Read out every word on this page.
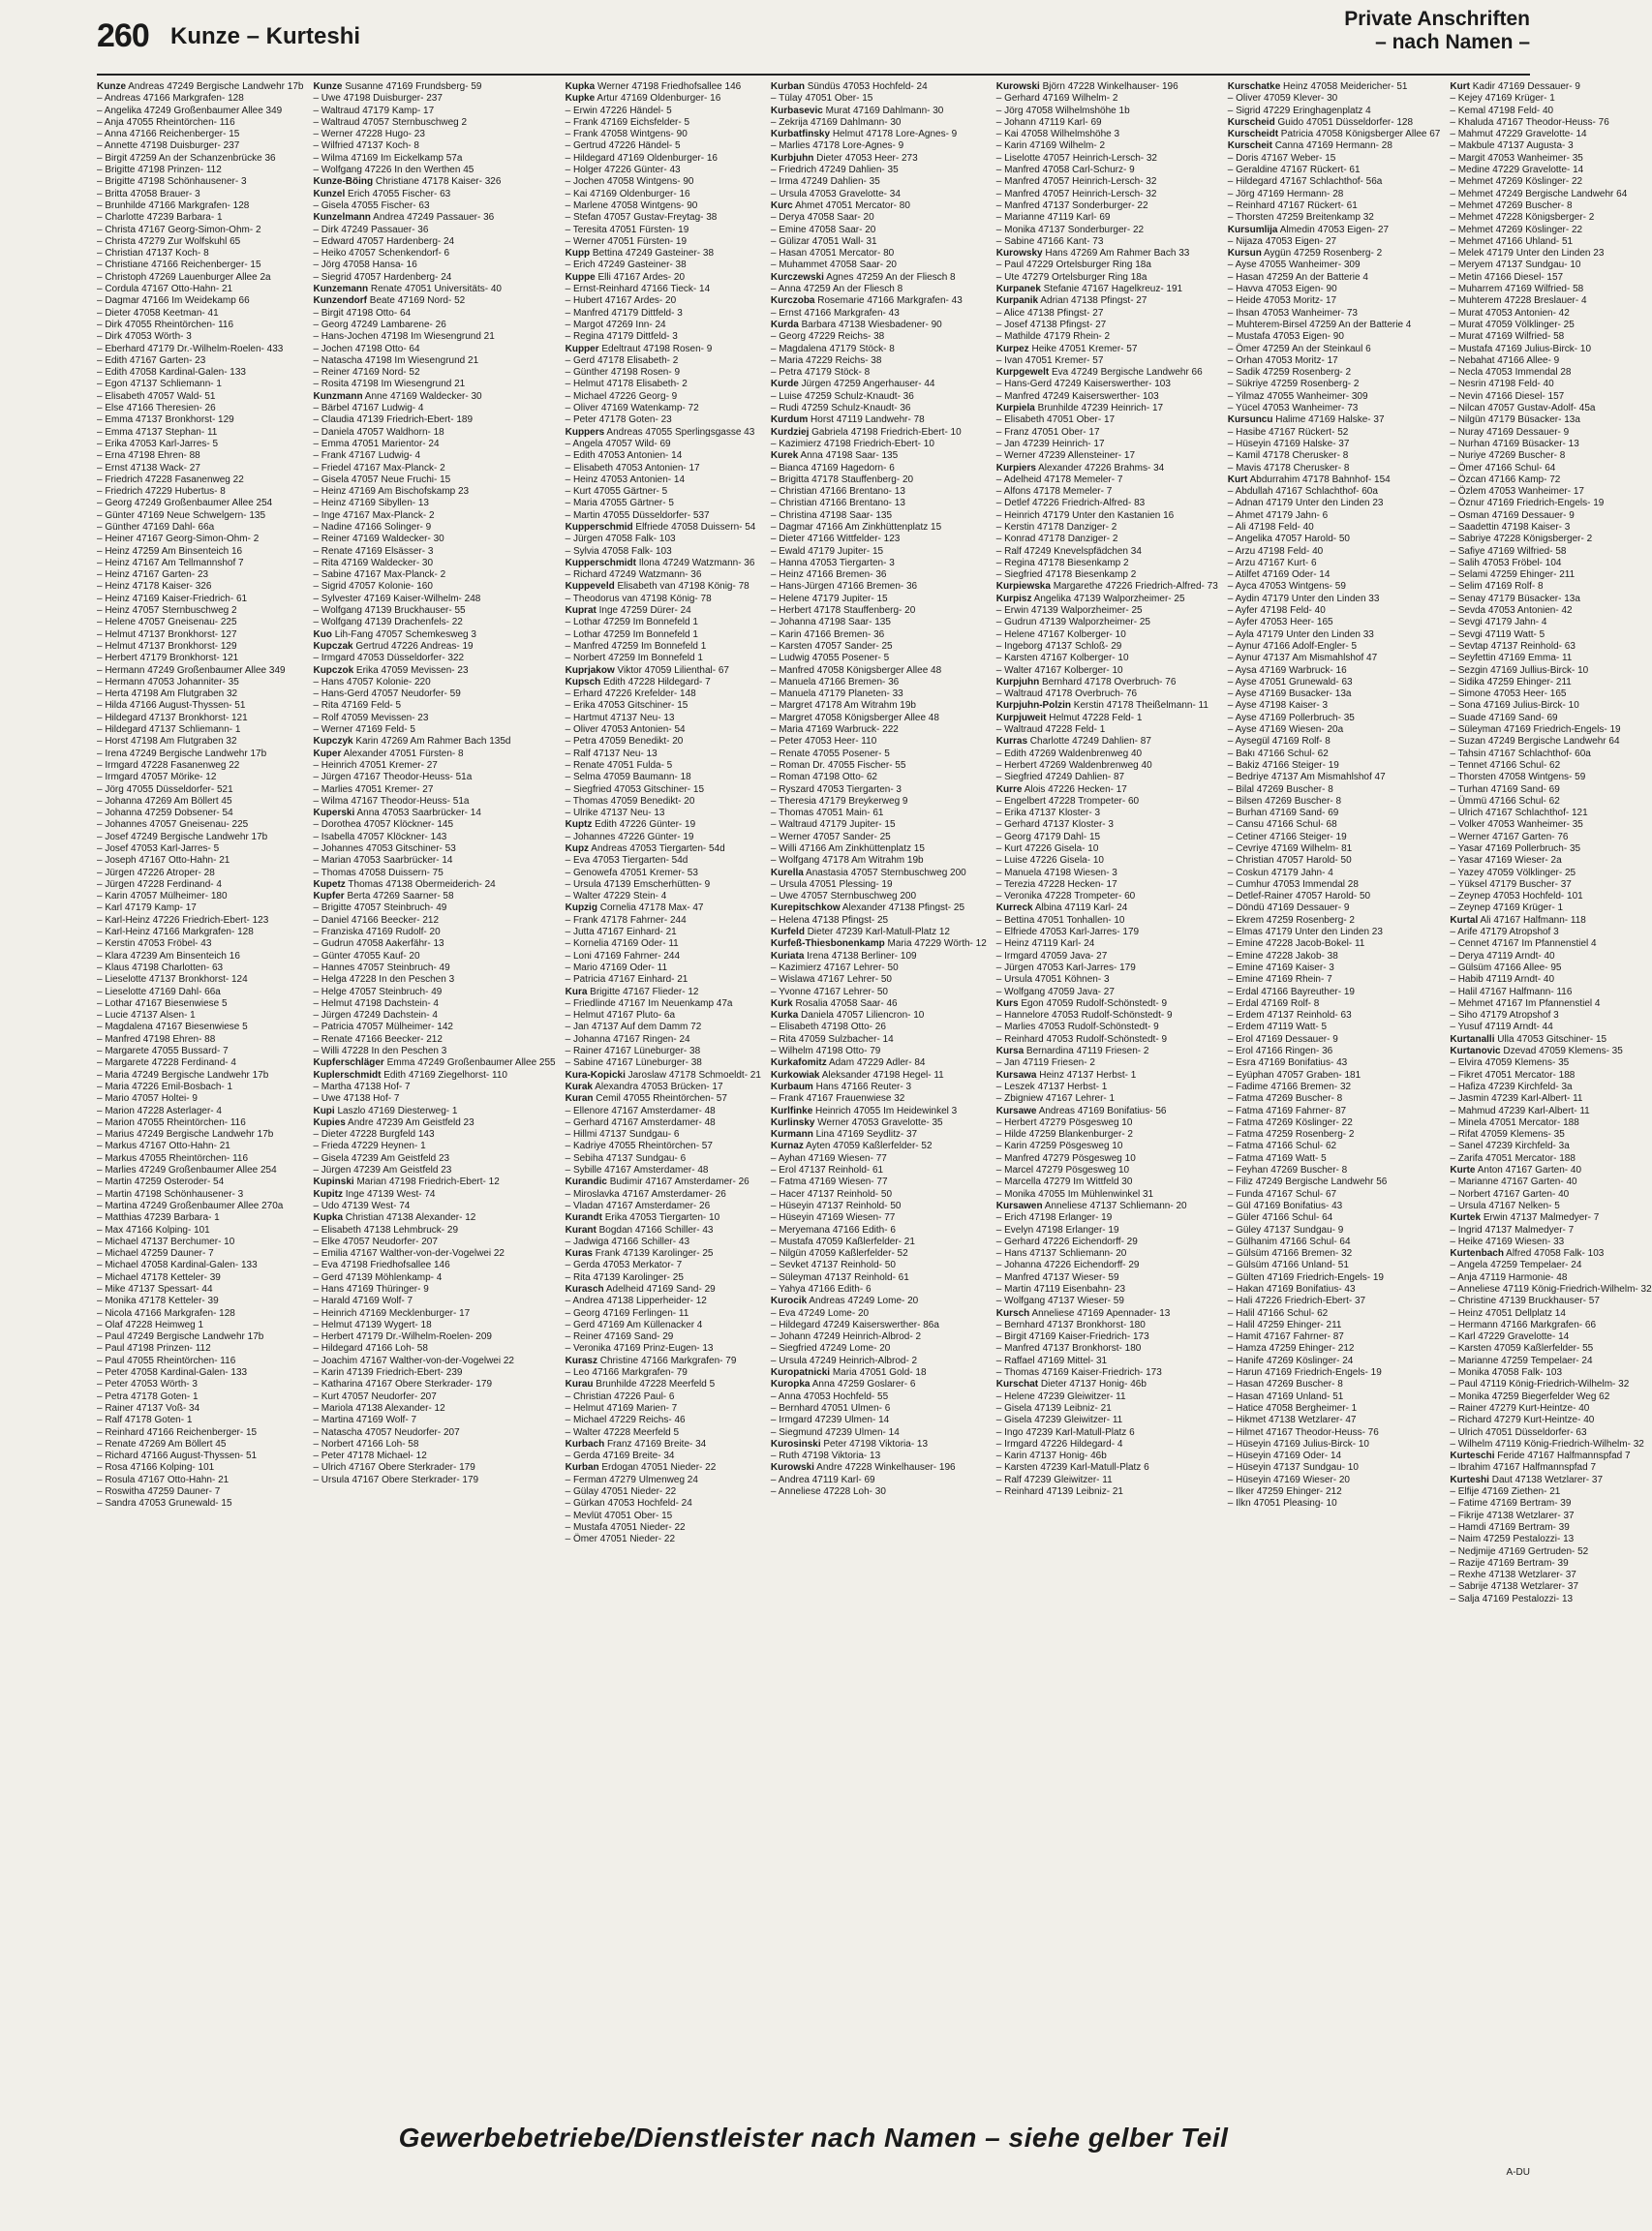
260 Kunze – Kurteshi
Private Anschriften
– nach Namen –
Kunze Andreas 47249 Bergische Landwehr 17b
– Andreas 47166 Markgrafen- 128
– Angelika 47249 Großenbaumer Allee 349
– Anja 47055 Rheintörchen- 116
– Anna 47166 Reichenberger- 15
– Annette 47198 Duisburger- 237
– Birgit 47259 An der Schanzenbrücke 36
– Brigitte 47198 Prinzen- 112
– Brigitte 47198 Schönhausener- 3
– Britta 47058 Brauer- 3
– Brunhilde 47166 Markgrafen- 128
– Charlotte 47239 Barbara- 1
– Christa 47167 Georg-Simon-Ohm- 2
– Christa 47279 Zur Wolfskuhl 65
– Christian 47137 Koch- 8
– Christiane 47166 Reichenberger- 15
– Christoph 47269 Lauenburger Allee 2a
– Cordula 47167 Otto-Hahn- 21
– Dagmar 47166 Im Weidekamp 66
– Dieter 47058 Keetman- 41
– Dirk 47055 Rheintörchen- 116
– Dirk 47053 Wörth- 3
– Eberhard 47179 Dr.-Wilhelm-Roelen- 433
– Edith 47167 Garten- 23
– Edith 47058 Kardinal-Galen- 133
– Egon 47137 Schliemann- 1
– Elisabeth 47057 Wald- 51
– Else 47166 Theresien- 26
– Emma 47137 Bronkhorst- 129
– Emma 47137 Stephan- 11
– Erika 47053 Karl-Jarres- 5
– Erna 47198 Ehren- 88
– Ernst 47138 Wack- 27
– Friedrich 47228 Fasanenweg 22
– Friedrich 47229 Hubertus- 8
– Georg 47249 Großenbaumer Allee 254
– Günter 47169 Neue Schwelgern- 135
– Günther 47169 Dahl- 66a
– Heiner 47167 Georg-Simon-Ohm- 2
– Heinz 47259 Am Binsenteich 16
– Heinz 47167 Am Tellmannshof 7
– Heinz 47167 Garten- 23
– Heinz 47178 Kaiser- 326
– Heinz 47169 Kaiser-Friedrich- 61
– Heinz 47057 Sternbuschweg 2
– Helene 47057 Gneisenau- 225
– Helmut 47137 Bronkhorst- 127
– Helmut 47137 Bronkhorst- 129
– Herbert 47179 Bronkhorst- 121
– Hermann 47249 Großenbaumer Allee 349
– Hermann 47053 Johanniter- 35
– Herta 47198 Am Flutgraben 32
– Hilda 47166 August-Thyssen- 51
– Hildegard 47137 Bronkhorst- 121
– Hildegard 47137 Schliemann- 1
– Horst 47198 Am Flutgraben 32
– Irena 47249 Bergische Landwehr 17b
– Irmgard 47228 Fasanenweg 22
– Irmgard 47057 Mörike- 12
– Jörg 47055 Düsseldorfer- 521
– Johanna 47269 Am Böllert 45
– Johanna 47259 Dobsener- 54
– Johannes 47057 Gneisenau- 225
– Josef 47249 Bergische Landwehr 17b
– Josef 47053 Karl-Jarres- 5
– Joseph 47167 Otto-Hahn- 21
– Jürgen 47226 Atroper- 28
– Jürgen 47228 Ferdinand- 4
– Karin 47057 Mülheimer- 180
– Karl 47179 Kamp- 17
– Karl-Heinz 47226 Friedrich-Ebert- 123
– Karl-Heinz 47166 Markgrafen- 128
– Kerstin 47053 Fröbel- 43
– Klara 47239 Am Binsenteich 16
– Klaus 47198 Charlotten- 63
– Lieselotte 47137 Bronkhorst- 124
– Lieselotte 47169 Dahl- 66a
– Lothar 47167 Biesenwiese 5
– Lucie 47137 Alsen- 1
– Magdalena 47167 Biesenwiese 5
– Manfred 47198 Ehren- 88
– Margarete 47055 Bussard- 7
– Margarete 47228 Ferdinand- 4
– Maria 47249 Bergische Landwehr 17b
– Maria 47226 Emil-Bosbach- 1
– Mario 47057 Holtei- 9
– Marion 47228 Asterlager- 4
– Marion 47055 Rheintörchen- 116
– Marius 47249 Bergische Landwehr 17b
– Markus 47167 Otto-Hahn- 21
– Markus 47055 Rheintörchen- 116
– Marlies 47249 Großenbaumer Allee 254
– Martin 47259 Osteroder- 54
– Martin 47198 Schönhausener- 3
– Martina 47249 Großenbaumer Allee 270a
– Matthias 47239 Barbara- 1
– Max 47166 Kolping- 101
– Michael 47137 Berchumer- 10
– Michael 47259 Dauner- 7
– Michael 47058 Kardinal-Galen- 133
– Michael 47178 Ketteler- 39
– Mike 47137 Spessart- 44
– Monika 47178 Ketteler- 39
– Nicola 47166 Markgrafen- 128
– Olaf 47228 Heimweg 1
– Paul 47249 Bergische Landwehr 17b
– Paul 47198 Prinzen- 112
– Paul 47055 Rheintörchen- 116
– Peter 47058 Kardinal-Galen- 133
– Peter 47053 Wörth- 3
– Petra 47178 Goten- 1
– Rainer 47137 Voß- 34
– Ralf 47178 Goten- 1
– Reinhard 47166 Reichenberger- 15
– Renate 47269 Am Böllert 45
– Richard 47166 August-Thyssen- 51
– Rosa 47166 Kolping- 101
– Rosula 47167 Otto-Hahn- 21
– Roswitha 47259 Dauner- 7
– Sandra 47053 Grunewald- 15
Kunze Susanne 47169 Frundsberg- 59
– Uwe 47198 Duisburger- 237
– Waltraud 47179 Kamp- 17
– Waltraud 47057 Sternbuschweg 2
– Werner 47228 Hugo- 23
– Wilfried 47137 Koch- 8
– Wilma 47169 Im Eickelkamp 57a
– Wolfgang 47226 In den Werthen 45
Kunze-Böing Christiane 47178 Kaiser- 326
Kunzel Erich 47055 Fischer- 63
– Gisela 47055 Fischer- 63
Kunzelmann Andrea 47249 Passauer- 36
– Dirk 47249 Passauer- 36
– Edward 47057 Hardenberg- 24
– Heiko 47057 Schenkendorf- 6
– Jörg 47058 Hansa- 16
– Siegrid 47057 Hardenberg- 24
Kunzemann Renate 47051 Universitäts- 40
Kunzendorf Beate 47169 Nord- 52
– Birgit 47198 Otto- 64
– Georg 47249 Lambarene- 26
– Hans-Jochen 47198 Im Wiesengrund 21
– Jochen 47198 Otto- 64
– Natascha 47198 Im Wiesengrund 21
– Reiner 47169 Nord- 52
– Rosita 47198 Im Wiesengrund 21
Kunzmann Anne 47169 Waldecker- 30
– Bärbel 47167 Ludwig- 4
– Claudia 47139 Friedrich-Ebert- 189
– Daniela 47057 Waldhorn- 18
– Emma 47051 Marientor- 24
– Frank 47167 Ludwig- 4
– Friedel 47167 Max-Planck- 2
– Gisela 47057 Neue Fruchi- 15
– Heinz 47169 Am Bischofskamp 23
– Heinz 47169 Sibyllen- 13
– Inge 47167 Max-Planck- 2
– Nadine 47166 Solinger- 9
– Reiner 47169 Waldecker- 30
– Renate 47169 Elsässer- 3
– Rita 47169 Waldecker- 30
– Sabine 47167 Max-Planck- 2
– Sigrid 47057 Kolonie- 160
– Sylvester 47169 Kaiser-Wilhelm- 248
– Wolfgang 47139 Bruckhauser- 55
– Wolfgang 47139 Drachenfels- 22
Kuo Lih-Fang 47057 Schemkesweg 3
Kupczak Gertrud 47226 Andreas- 19
– Irmgard 47053 Düsseldorfer- 322
Kupczok Erika 47059 Mevissen- 23
– Hans 47057 Kolonie- 220
– Hans-Gerd 47057 Neudorfer- 59
– Rita 47169 Feld- 5
– Rolf 47059 Mevissen- 23
– Werner 47169 Feld- 5
Kupczyk Karin 47269 Am Rahmer Bach 135d
Kuper Alexander 47051 Fürsten- 8
– Heinrich 47051 Kremer- 27
– Jürgen 47167 Theodor-Heuss- 51a
– Marlies 47051 Kremer- 27
– Wilma 47167 Theodor-Heuss- 51a
Kuperski Anna 47053 Saarbrücker- 14
– Dorothea 47057 Klöckner- 145
– Isabella 47057 Klöckner- 143
– Johannes 47053 Gitschiner- 53
– Marian 47053 Saarbrücker- 14
– Thomas 47058 Duissern- 75
Kupetz Thomas 47138 Obermeiderich- 24
Kupfer Berta 47269 Saarner- 58
– Brigitte 47057 Steinbruch- 49
– Daniel 47166 Beecker- 212
– Franziska 47169 Rudolf- 20
– Gudrun 47058 Aakerfähr- 13
– Günter 47055 Kauf- 20
– Hannes 47057 Steinbruch- 49
– Helga 47228 In den Peschen 3
– Helge 47057 Steinbruch- 49
– Helmut 47198 Dachstein- 4
– Jürgen 47249 Dachstein- 4
– Patricia 47057 Mülheimer- 142
– Renate 47166 Beecker- 212
– Willi 47228 In den Peschen 3
Kupferschläger Emma 47249 Großenbaumer Allee 255
Kuplerschmidt Edith 47169 Ziegelhorst- 110
– Martha 47138 Hof- 7
– Uwe 47138 Hof- 7
Kupi Laszlo 47169 Diesterweg- 1
Kupies Andre 47239 Am Geistfeld 23
– Dieter 47228 Burgfeld 143
– Frieda 47229 Heynen- 1
– Gisela 47239 Am Geistfeld 23
– Jürgen 47239 Am Geistfeld 23
Kupinski Marian 47198 Friedrich-Ebert- 12
Kupitz Inge 47139 West- 74
– Udo 47139 West- 74
Kupka Christian 47138 Alexander- 12
– Elisabeth 47138 Lehmbruck- 29
– Elke 47057 Neudorfer- 207
– Emilia 47167 Walther-von-der-Vogelwei 22
– Eva 47198 Friedhofsallee 146
– Gerd 47139 Möhlenkamp- 4
– Hans 47169 Thüringer- 9
– Harald 47169 Wolf- 7
– Heinrich 47169 Mecklenburger- 17
– Helmut 47139 Wygert- 18
– Herbert 47179 Dr.-Wilhelm-Roelen- 209
– Hildegard 47166 Loh- 58
– Joachim 47167 Walther-von-der-Vogelwei 22
– Karin 47139 Friedrich-Ebert- 239
– Katharina 47167 Obere Sterkrader- 179
– Kurt 47057 Neudorfer- 207
– Mariola 47138 Alexander- 12
– Martina 47169 Wolf- 7
– Natascha 47057 Neudorfer- 207
– Norbert 47166 Loh- 58
– Peter 47178 Michael- 12
– Ulrich 47167 Obere Sterkrader- 179
– Ursula 47167 Obere Sterkrader- 179
Kupka Werner 47198 Friedhofsallee 146
Kupke Artur 47169 Oldenburger- 16
– Erwin 47226 Händel- 5
– Frank 47169 Eichsfelder- 5
– Frank 47058 Wintgens- 90
– Gertrud 47226 Händel- 5
– Hildegard 47169 Oldenburger- 16
– Holger 47226 Günter- 43
– Jochen 47058 Wintgens- 90
– Kai 47169 Oldenburger- 16
– Marlene 47058 Wintgens- 90
– Stefan 47057 Gustav-Freytag- 38
– Teresita 47051 Fürsten- 19
– Werner 47051 Fürsten- 19
Kupp Bettina 47249 Gasteiner- 38
– Erich 47249 Gasteiner- 38
Kuppe Elli 47167 Ardes- 20
– Ernst-Reinhard 47166 Tieck- 14
– Hubert 47167 Ardes- 20
– Manfred 47179 Dittfeld- 3
– Margot 47269 Inn- 24
– Regina 47179 Dittfeld- 3
Kupper Edeltraut 47198 Rosen- 9
– Gerd 47178 Elisabeth- 2
– Günther 47198 Rosen- 9
– Helmut 47178 Elisabeth- 2
– Michael 47226 Georg- 9
– Oliver 47169 Watenkamp- 72
– Peter 47178 Goten- 23
Kuppers Andreas 47055 Sperlingsgasse 43
– Angela 47057 Wild- 69
– Edith 47053 Antonien- 14
– Elisabeth 47053 Antonien- 17
– Heinz 47053 Antonien- 14
– Kurt 47055 Gärtner- 5
– Maria 47055 Gärtner- 5
– Martin 47055 Düsseldorfer- 537
Kupperschmid Elfriede 47058 Duissern- 54
– Jürgen 47058 Falk- 103
– Sylvia 47058 Falk- 103
Kupperschmidt Ilona 47249 Watzmann- 36
– Richard 47249 Watzmann- 36
Kuppeveld Elisabeth van 47198 König- 78
– Theodorus van 47198 König- 78
Kuprat Inge 47259 Dürer- 24
– Lothar 47259 Im Bonnefeld 1
– Lothar 47259 Im Bonnefeld 1
– Manfred 47259 Im Bonnefeld 1
– Norbert 47259 Im Bonnefeld 1
Kuprjakow Viktor 47059 Lilienthal- 67
Kupsch Edith 47228 Hildegard- 7
– Erhard 47226 Krefelder- 148
– Erika 47053 Gitschiner- 15
– Hartmut 47137 Neu- 13
– Oliver 47053 Antonien- 54
– Petra 47059 Benedikt- 20
– Ralf 47137 Neu- 13
– Renate 47051 Fulda- 5
– Selma 47059 Baumann- 18
– Siegfried 47053 Gitschiner- 15
– Thomas 47059 Benedikt- 20
– Ulrike 47137 Neu- 13
Kuptz Edith 47226 Günter- 19
– Johannes 47226 Günter- 19
Kupz Andreas 47053 Tiergarten- 54d
– Eva 47053 Tiergarten- 54d
– Genowefa 47051 Kremer- 53
– Ursula 47139 Emscherhütten- 9
– Walter 47229 Stein- 4
Kupzig Cornelia 47178 Max- 47
– Frank 47178 Fahrner- 244
– Jutta 47167 Einhard- 21
– Kornelia 47169 Oder- 11
– Loni 47169 Fahrner- 244
– Mario 47169 Oder- 11
– Patricia 47167 Einhard- 21
Kura Brigitte 47167 Flieder- 12
– Friedlinde 47167 Im Neuenkamp 47a
– Helmut 47167 Pluto- 6a
– Jan 47137 Auf dem Damm 72
– Johanna 47167 Ringen- 24
– Rainer 47167 Lüneburger- 38
– Sabine 47167 Lüneburger- 38
Kura-Kopicki Jaroslaw 47178 Schmoeldt- 21
Kurak Alexandra 47053 Brücken- 17
Kuran Cemil 47055 Rheintörchen- 57
– Ellenore 47167 Amsterdamer- 48
– Gerhard 47167 Amsterdamer- 48
– Hillmi 47137 Sundgau- 6
– Kadriye 47055 Rheintörchen- 57
– Sebiha 47137 Sundgau- 6
– Sybille 47167 Amsterdamer- 48
Kurandic Budimir 47167 Amsterdamer- 26
– Miroslavka 47167 Amsterdamer- 26
– Vladan 47167 Amsterdamer- 26
Kurandt Erika 47053 Tiergarten- 10
Kurant Bogdan 47166 Schiller- 43
– Jadwiga 47166 Schiller- 43
Kuras Frank 47139 Karolinger- 25
– Gerda 47053 Merkator- 7
– Rita 47139 Karolinger- 25
Kurasch Adelheid 47169 Sand- 29
– Andrea 47138 Lipperheider- 12
– Georg 47169 Ferlingen- 11
– Gerd 47169 Am Küllenacker 4
– Reiner 47169 Sand- 29
– Veronika 47169 Prinz-Eugen- 13
Kurasz Christine 47166 Markgrafen- 79
– Leo 47166 Markgrafen- 79
Kurau Brunhilde 47228 Meerfeld 5
– Christian 47226 Paul- 6
– Helmut 47169 Marien- 7
– Michael 47229 Reichs- 46
– Walter 47228 Meerfeld 5
Kurbach Franz 47169 Breite- 34
– Gerda 47169 Breite- 34
Kurban Erdogan 47051 Nieder- 22
– Ferman 47279 Ulmenweg 24
– Gülay 47051 Nieder- 22
– Gürkan 47053 Hochfeld- 24
– Mevlüt 47051 Ober- 15
– Mustafa 47051 Nieder- 22
– Ömer 47051 Nieder- 22
Kurban Sündüs 47053 Hochfeld- 24
– Tülay 47051 Ober- 15
Kurbasevic Murat 47169 Dahlmann- 30
– Zekrija 47169 Dahlmann- 30
Kurbatfinsky Helmut 47178 Lore-Agnes- 9
– Marlies 47178 Lore-Agnes- 9
Kurbjuhn Dieter 47053 Heer- 273
– Friedrich 47249 Dahlien- 35
– Irma 47249 Dahlien- 35
– Ursula 47053 Gravelotte- 34
Kurc Ahmet 47051 Mercator- 80
– Derya 47058 Saar- 20
– Emine 47058 Saar- 20
– Gülizar 47051 Wall- 31
– Hasan 47051 Mercator- 80
– Muhammet 47058 Saar- 20
Kurczewski Agnes 47259 An der Fliesch 8
– Anna 47259 An der Fliesch 8
Kurczoba Rosemarie 47166 Markgrafen- 43
– Ernst 47166 Markgrafen- 43
Kurda Barbara 47138 Wiesbadener- 90
– Georg 47229 Reichs- 38
– Magdalena 47179 Stöck- 8
– Maria 47229 Reichs- 38
– Petra 47179 Stöck- 8
Kurde Jürgen 47259 Angerhauser- 44
– Luise 47259 Schulz-Knaudt- 36
– Rudi 47259 Schulz-Knaudt- 36
Kurdum Horst 47119 Landwehr- 78
Kurdziej Gabriela 47198 Friedrich-Ebert- 10
– Kazimierz 47198 Friedrich-Ebert- 10
Kurek Anna 47198 Saar- 135
– Bianca 47169 Hagedorn- 6
– Brigitta 47178 Stauffenberg- 20
– Christian 47166 Brentano- 13
– Christian 47166 Brentano- 13
– Christina 47198 Saar- 135
– Dagmar 47166 Am Zinkhüttenplatz 15
– Dieter 47166 Wittfelder- 123
– Ewald 47179 Jupiter- 15
– Hanna 47053 Tiergarten- 3
– Heinz 47166 Bremen- 36
– Hans-Jürgen 47166 Bremen- 36
– Helene 47179 Jupiter- 15
– Herbert 47178 Stauffenberg- 20
– Johanna 47198 Saar- 135
– Karin 47166 Bremen- 36
– Karsten 47057 Sander- 25
– Ludwig 47055 Posener- 5
– Manfred 47058 Königsberger Allee 48
– Manuela 47166 Bremen- 36
– Manuela 47179 Planeten- 33
– Margret 47178 Am Witrahm 19b
– Margret 47058 Königsberger Allee 48
– Maria 47169 Warbruck- 222
– Peter 47053 Heer- 110
– Renate 47055 Posener- 5
– Roman Dr. 47055 Fischer- 55
– Roman 47198 Otto- 62
– Ryszard 47053 Tiergarten- 3
– Theresia 47179 Breykerweg 9
– Thomas 47051 Main- 61
– Waltraud 47179 Jupiter- 15
– Werner 47057 Sander- 25
– Willi 47166 Am Zinkhüttenplatz 15
– Wolfgang 47178 Am Witrahm 19b
Kurella Anastasia 47057 Sternbuschweg 200
– Ursula 47051 Plessing- 19
– Uwe 47057 Sternbuschweg 200
Kurepitschkow Alexander 47138 Pfingst- 25
– Helena 47138 Pfingst- 25
Kurfeld Dieter 47239 Karl-Matull-Platz 12
Kurfeß-Thiesbonenkamp Maria 47229 Wörth- 12
Kuriata Irena 47138 Berliner- 109
– Kazimierz 47167 Lehrer- 50
– Wislawa 47167 Lehrer- 50
– Yvonne 47167 Lehrer- 50
Kurk Rosalia 47058 Saar- 46
Kurka Daniela 47057 Liliencron- 10
– Elisabeth 47198 Otto- 26
– Rita 47059 Sulzbacher- 14
– Wilhelm 47198 Otto- 79
Kurkafomitz Adam 47229 Adler- 84
Kurkowiak Aleksander 47198 Hegel- 11
Kurbaum Hans 47166 Reuter- 3
– Frank 47167 Frauenwiese 32
Kurlfinke Heinrich 47055 Im Heidewinkel 3
Kurlinsky Werner 47053 Gravelotte- 35
Kurmann Lina 47169 Seydlitz- 37
Kurnaz Ayten 47059 Kaßlerfelder- 52
– Ayhan 47169 Wiesen- 77
– Erol 47137 Reinhold- 61
– Fatma 47169 Wiesen- 77
– Hacer 47137 Reinhold- 50
– Hüseyin 47137 Reinhold- 50
– Hüseyin 47169 Wiesen- 77
– Meryemana 47166 Edith- 6
– Mustafa 47059 Kaßlerfelder- 21
– Nilgün 47059 Kaßlerfelder- 52
– Sevket 47137 Reinhold- 50
– Süleyman 47137 Reinhold- 61
– Yahya 47166 Edith- 6
Kurocik Andreas 47249 Lome- 20
– Eva 47249 Lome- 20
– Hildegard 47249 Kaiserswerther- 86a
– Johann 47249 Heinrich-Albrod- 2
– Siegfried 47249 Lome- 20
– Ursula 47249 Heinrich-Albrod- 2
Kuropatnicki Maria 47051 Gold- 18
Kuropka Anna 47259 Goslarer- 6
– Anna 47053 Hochfeld- 55
– Bernhard 47051 Ulmen- 6
– Irmgard 47239 Ulmen- 14
– Siegmund 47239 Ulmen- 14
Kurosinski Peter 47198 Viktoria- 13
– Ruth 47198 Viktoria- 13
Kurowski Andre 47228 Winkelhauser- 196
– Andrea 47119 Karl- 69
– Anneliese 47228 Loh- 30
Kurowski Björn 47228 Winkelhauser- 196
– Gerhard 47169 Wilhelm- 2
– Jörg 47058 Wilhelmshöhe 1b
– Johann 47119 Karl- 69
– Kai 47058 Wilhelmshöhe 3
– Karin 47169 Wilhelm- 2
– Liselotte 47057 Heinrich-Lersch- 32
– Manfred 47058 Carl-Schurz- 9
– Manfred 47057 Heinrich-Lersch- 32
– Manfred 47057 Heinrich-Lersch- 32
– Manfred 47137 Sonderburger- 22
– Marianne 47119 Karl- 69
– Monika 47137 Sonderburger- 22
– Sabine 47166 Kant- 73
Kurowsky Hans 47269 Am Rahmer Bach 33
– Paul 47229 Ortelsburger Ring 18a
– Ute 47279 Ortelsburger Ring 18a
Kurpanek Stefanie 47167 Hagelkreuz- 191
Kurpanik Adrian 47138 Pfingst- 27
– Alice 47138 Pfingst- 27
– Josef 47138 Pfingst- 27
– Mathilde 47179 Rhein- 2
Kurpez Heike 47051 Kremer- 57
– Ivan 47051 Kremer- 57
Kurpgewelt Eva 47249 Bergische Landwehr 66
– Hans-Gerd 47249 Kaiserswerther- 103
– Manfred 47249 Kaiserswerther- 103
Kurpiela Brunhilde 47239 Heinrich- 17
– Elisabeth 47051 Ober- 17
– Franz 47051 Ober- 17
– Jan 47239 Heinrich- 17
– Werner 47239 Allensteiner- 17
Kurpiers Alexander 47226 Brahms- 34
– Adelheid 47178 Memeler- 7
– Alfons 47178 Memeler- 7
– Detlef 47226 Friedrich-Alfred- 83
– Heinrich 47179 Unter den Kastanien 16
– Kerstin 47178 Danziger- 2
– Konrad 47178 Danziger- 2
– Ralf 47249 Knevelspfädchen 34
– Regina 47178 Biesenkamp 2
– Siegfried 47178 Biesenkamp 2
Kurpiewska Margarethe 47226 Friedrich-Alfred- 73
Kurpisz Angelika 47139 Walporzheimer- 25
– Erwin 47139 Walporzheimer- 25
– Gudrun 47139 Walporzheimer- 25
– Helene 47167 Kolberger- 10
– Ingeborg 47137 Schloß- 29
– Karsten 47167 Kolberger- 10
– Walter 47167 Kolberger- 10
Kurpjuhn Bernhard 47178 Overbruch- 76
– Waltraud 47178 Overbruch- 76
Kurpjuhn-Polzin Kerstin 47178 Theißelmann- 11
Kurpjuweit Helmut 47228 Feld- 1
– Waltraud 47228 Feld- 1
Kurras Charlotte 47249 Dahlien- 87
– Edith 47269 Waldenbrenweg 40
– Herbert 47269 Waldenbrenweg 40
– Siegfried 47249 Dahlien- 87
Kurre Alois 47226 Hecken- 17
– Engelbert 47228 Trompeter- 60
– Erika 47137 Kloster- 3
– Gerhard 47137 Kloster- 3
– Georg 47179 Dahl- 15
– Kurt 47226 Gisela- 10
– Luise 47226 Gisela- 10
– Manuela 47198 Wiesen- 3
– Terezia 47228 Hecken- 17
– Veronika 47228 Trompeter- 60
Kurreck Albina 47119 Karl- 24
– Bettina 47051 Tonhallen- 10
– Elfriede 47053 Karl-Jarres- 179
– Heinz 47119 Karl- 24
– Irmgard 47059 Java- 27
– Jürgen 47053 Karl-Jarres- 179
– Ursula 47051 Köhnen- 3
– Wolfgang 47059 Java- 27
Kurs Egon 47059 Rudolf-Schönstedt- 9
– Hannelore 47053 Rudolf-Schönstedt- 9
– Marlies 47053 Rudolf-Schönstedt- 9
– Reinhard 47053 Rudolf-Schönstedt- 9
Kursa Bernardina 47119 Friesen- 2
– Jan 47119 Friesen- 2
Kursawa Heinz 47137 Herbst- 1
– Leszek 47137 Herbst- 1
– Zbigniew 47167 Lehrer- 1
Kursawe Andreas 47169 Bonifatius- 56
– Herbert 47279 Pösgesweg 10
– Hilde 47259 Blankenburger- 2
– Karin 47259 Pösgesweg 10
– Manfred 47279 Pösgesweg 10
– Marcel 47279 Pösgesweg 10
– Marcella 47279 Im Wittfeld 30
– Monika 47055 Im Mühlenwinkel 31
Kursawen Anneliese 47137 Schliemann- 20
– Erich 47198 Erlanger- 19
– Evelyn 47198 Erlanger- 19
– Gerhard 47226 Eichendorff- 29
– Hans 47137 Schliemann- 20
– Johanna 47226 Eichendorff- 29
– Manfred 47137 Wieser- 59
– Martin 47119 Eisenbahn- 23
– Wolfgang 47137 Wieser- 59
Kursch Anneliese 47169 Apennader- 13
– Bernhard 47137 Bronkhorst- 180
– Birgit 47169 Kaiser-Friedrich- 173
– Manfred 47137 Bronkhorst- 180
– Raffael 47169 Mittel- 31
– Thomas 47169 Kaiser-Friedrich- 173
Kurschat Dieter 47137 Honig- 46b
– Helene 47239 Gleiwitzer- 11
– Gisela 47139 Leibniz- 21
– Gisela 47239 Gleiwitzer- 11
– Ingo 47239 Karl-Matull-Platz 6
– Irmgard 47226 Hildegard- 4
– Karin 47137 Honig- 46b
– Karsten 47239 Karl-Matull-Platz 6
– Ralf 47239 Gleiwitzer- 11
– Reinhard 47139 Leibniz- 21
Kurschatke Heinz 47058 Meidericher- 51
– Oliver 47059 Klever- 30
– Sigrid 47229 Eringhagenplatz 4
Kurscheid Guido 47051 Düsseldorfer- 128
Kurscheidt Patricia 47058 Königsberger Allee 67
Kurscheit Canna 47169 Hermann- 28
– Doris 47167 Weber- 15
– Geraldine 47167 Rückert- 61
– Hildegard 47167 Schlachthof- 56a
– Jörg 47169 Hermann- 28
– Reinhard 47167 Rückert- 61
– Thorsten 47259 Breitenkamp 32
Kursumlija Almedin 47053 Eigen- 27
– Nijaza 47053 Eigen- 27
Kursun Aygün 47259 Rosenberg- 2
– Ayse 47055 Wanheimer- 309
– Hasan 47259 An der Batterie 4
– Havva 47053 Eigen- 90
– Heide 47053 Moritz- 17
– Ihsan 47053 Wanheimer- 73
– Muhterem-Birsel 47259 An der Batterie 4
– Mustafa 47053 Eigen- 90
– Ömer 47259 An der Steinkaul 6
– Orhan 47053 Moritz- 17
– Sadik 47259 Rosenberg- 2
– Sükriye 47259 Rosenberg- 2
– Yilmaz 47055 Wanheimer- 309
– Yücel 47053 Wanheimer- 73
Kursuncu Halime 47169 Halske- 37
– Hasibe 47167 Rückert- 52
– Hüseyin 47169 Halske- 37
– Kamil 47178 Cherusker- 8
– Mavis 47178 Cherusker- 8
Kurt Abdurrahim 47178 Bahnhof- 154
– Abdullah 47167 Schlachthof- 60a
– Adnan 47179 Unter den Linden 23
– Ahmet 47179 Jahn- 6
– Ali 47198 Feld- 40
– Angelika 47057 Harold- 50
– Arzu 47198 Feld- 40
– Arzu 47167 Kurt- 6
– Atilfet 47169 Oder- 14
– Ayca 47053 Wintgens- 59
– Aydin 47179 Unter den Linden 33
– Ayfer 47198 Feld- 40
– Ayfer 47053 Heer- 165
– Ayla 47179 Unter den Linden 33
– Aynur 47166 Adolf-Engler- 5
– Aynur 47137 Am Mismahlshof 47
– Aysa 47169 Warbruck- 16
– Ayse 47051 Grunewald- 63
– Ayse 47169 Busacker- 13a
– Ayse 47198 Kaiser- 3
– Ayse 47169 Pollerbruch- 35
– Ayse 47169 Wiesen- 20a
– Aysegül 47169 Rolf- 8
– Bakı 47166 Schul- 62
– Bakiz 47166 Steiger- 19
– Bedriye 47137 Am Mismahlshof 47
– Bilal 47269 Buscher- 8
– Bilsen 47269 Buscher- 8
– Burhan 47169 Sand- 69
– Cansu 47166 Schul- 68
– Cetiner 47166 Steiger- 19
– Cevriye 47169 Wilhelm- 81
– Christian 47057 Harold- 50
– Coskun 47179 Jahn- 4
– Cumhur 47053 Immendal 28
– Detlef-Rainer 47057 Harold- 50
– Döndü 47169 Dessauer- 9
– Ekrem 47259 Rosenberg- 2
– Elmas 47179 Unter den Linden 23
– Emine 47228 Jacob-Bokel- 11
– Emine 47228 Jakob- 38
– Emine 47169 Kaiser- 3
– Emine 47169 Rhein- 7
– Erdal 47166 Bayreuther- 19
– Erdal 47169 Rolf- 8
– Erdem 47137 Reinhold- 63
– Erdem 47119 Watt- 5
– Erol 47169 Dessauer- 9
– Erol 47166 Ringen- 36
– Esra 47169 Bonifatius- 43
– Eyüphan 47057 Graben- 181
– Fadime 47166 Bremen- 32
– Fatma 47269 Buscher- 8
– Fatma 47169 Fahrner- 87
– Fatma 47269 Köslinger- 22
– Fatma 47259 Rosenberg- 2
– Fatma 47166 Schul- 62
– Fatma 47169 Watt- 5
– Feyhan 47269 Buscher- 8
– Filiz 47249 Bergische Landwehr 56
– Funda 47167 Schul- 67
– Gül 47169 Bonifatius- 43
– Güler 47166 Schul- 64
– Güley 47137 Sundgau- 9
– Gülhanim 47166 Schul- 64
– Gülsüm 47166 Bremen- 32
– Gülsüm 47166 Unland- 51
– Gülten 47169 Friedrich-Engels- 19
– Hakan 47169 Bonifatius- 43
– Hali 47226 Friedrich-Ebert- 37
– Halil 47166 Schul- 62
– Halil 47259 Ehinger- 211
– Hamit 47167 Fahrner- 87
– Hamza 47259 Ehinger- 212
– Hanife 47269 Köslinger- 24
– Harun 47169 Friedrich-Engels- 19
– Hasan 47269 Buscher- 8
– Hasan 47169 Unland- 51
– Hatice 47058 Bergheimer- 1
– Hikmet 47138 Wetzlarer- 47
– Hilmet 47167 Theodor-Heuss- 76
– Hüseyin 47169 Julius-Birck- 10
– Hüseyin 47169 Oder- 14
– Hüseyin 47137 Sundgau- 10
– Hüseyin 47169 Wieser- 20
– Ilker 47259 Ehinger- 212
– Ilkn 47051 Pleasing- 10
Kurt Kadir 47169 Dessauer- 9
– Kejey 47169 Krüger- 1
– Kemal 47198 Feld- 40
– Khaluda 47167 Theodor-Heuss- 76
– Mahmut 47229 Gravelotte- 14
– Makbule 47137 Augusta- 3
– Margit 47053 Wanheimer- 35
– Medine 47229 Gravelotte- 14
– Mehmet 47269 Köslinger- 22
– Mehmet 47249 Bergische Landwehr 64
– Mehmet 47269 Buscher- 8
– Mehmet 47228 Königsberger- 2
– Mehmet 47269 Köslinger- 22
– Mehmet 47166 Uhland- 51
– Melek 47179 Unter den Linden 23
– Meryem 47137 Sundgau- 10
– Metin 47166 Diesel- 157
– Muharrem 47169 Wilfried- 58
– Muhterem 47228 Breslauer- 4
– Murat 47053 Antonien- 42
– Murat 47059 Völklinger- 25
– Murat 47169 Wilfried- 58
– Mustafa 47169 Julius-Birck- 10
– Nebahat 47166 Allee- 9
– Necla 47053 Immendal 28
– Nesrin 47198 Feld- 40
– Nevin 47166 Diesel- 157
– Nilcan 47057 Gustav-Adolf- 45a
– Nilgün 47179 Büsacker- 13a
– Nuray 47169 Dessauer- 9
– Nurhan 47169 Büsacker- 13
– Nuriye 47269 Buscher- 8
– Ömer 47166 Schul- 64
– Özcan 47166 Kamp- 72
– Özlem 47053 Wanheimer- 17
– Öznur 47169 Friedrich-Engels- 19
– Osman 47169 Dessauer- 9
– Saadettin 47198 Kaiser- 3
– Sabriye 47228 Königsberger- 2
– Safiye 47169 Wilfried- 58
– Salih 47053 Fröbel- 104
– Selami 47259 Ehinger- 211
– Selim 47169 Rolf- 8
– Senay 47179 Büsacker- 13a
– Sevda 47053 Antonien- 42
– Sevgi 47179 Jahn- 4
– Sevgi 47119 Watt- 5
– Sevtap 47137 Reinhold- 63
– Seyfettin 47169 Emma- 11
– Sezgin 47169 Jullius-Birck- 10
– Sidika 47259 Ehinger- 211
– Simone 47053 Heer- 165
– Sona 47169 Julius-Birck- 10
– Suade 47169 Sand- 69
– Süleyman 47169 Friedrich-Engels- 19
– Suzan 47249 Bergische Landwehr 64
– Tahsin 47167 Schlachthof- 60a
– Tennet 47166 Schul- 62
– Thorsten 47058 Wintgens- 59
– Turhan 47169 Sand- 69
– Ümmü 47166 Schul- 62
– Ulrich 47167 Schlachthof- 121
– Volker 47053 Wanheimer- 35
– Werner 47167 Garten- 76
– Yasar 47169 Pollerbruch- 35
– Yasar 47169 Wieser- 2a
– Yazey 47059 Völklinger- 25
– Yüksel 47179 Buscher- 37
– Zeynep 47053 Hochfeld- 101
– Zeynep 47169 Krüger- 1
Kurtal Ali 47167 Halfmann- 118
– Arife 47179 Atropshof 3
– Cennet 47167 Im Pfannenstiel 4
– Derya 47119 Arndt- 40
– Gülsüm 47166 Allee- 95
– Habib 47119 Arndt- 40
– Halil 47167 Halfmann- 116
– Mehmet 47167 Im Pfannenstiel 4
– Siho 47179 Atropshof 3
– Yusuf 47119 Arndt- 44
Kurtanalli Ulla 47053 Gitschiner- 15
Kurtanovic Dzevad 47059 Klemens- 35
– Elvira 47059 Klemens- 35
– Fikret 47051 Mercator- 188
– Hafiza 47239 Kirchfeld- 3a
– Jasmin 47239 Karl-Albert- 11
– Mahmud 47239 Karl-Albert- 11
– Minela 47051 Mercator- 188
– Rifat 47059 Klemens- 35
– Sanel 47239 Kirchfeld- 3a
– Zarifa 47051 Mercator- 188
Kurte Anton 47167 Garten- 40
– Marianne 47167 Garten- 40
– Norbert 47167 Garten- 40
– Ursula 47167 Nelken- 5
Kurtek Erwin 47137 Malmedyer- 7
– Ingrid 47137 Malmedyer- 7
– Heike 47169 Wiesen- 33
Kurtenbach Alfred 47058 Falk- 103
– Angela 47259 Tempelaer- 24
– Anja 47119 Harmonie- 48
– Anneliese 47119 König-Friedrich-Wilhelm- 32
– Christine 47139 Bruckhauser- 57
– Heinz 47051 Dellplatz 14
– Hermann 47166 Markgrafen- 66
– Karl 47229 Gravelotte- 14
– Karsten 47059 Kaßlerfelder- 55
– Marianne 47259 Tempelaer- 24
– Monika 47058 Falk- 103
– Paul 47119 König-Friedrich-Wilhelm- 32
– Monika 47259 Biegerfelder Weg 62
– Rainer 47279 Kurt-Heintze- 40
– Richard 47279 Kurt-Heintze- 40
– Ulrich 47051 Düsseldorfer- 63
– Wilhelm 47119 König-Friedrich-Wilhelm- 32
Kurteschi Feride 47167 Halfmannspfad 7
– Ibrahim 47167 Halfmannspfad 7
Kurteshi Daut 47138 Wetzlarer- 37
– Elfije 47169 Ziethen- 21
– Fatime 47169 Bertram- 39
– Fikrije 47138 Wetzlarer- 37
– Hamdi 47169 Bertram- 39
– Naim 47259 Pestalozzi- 13
– Nedjmije 47169 Gertruden- 52
– Razije 47169 Bertram- 39
– Rexhe 47138 Wetzlarer- 37
– Sabrije 47138 Wetzlarer- 37
– Salja 47169 Pestalozzi- 13
Gewerbebetriebe/Dienstleister nach Namen – siehe gelber Teil
A-DU
